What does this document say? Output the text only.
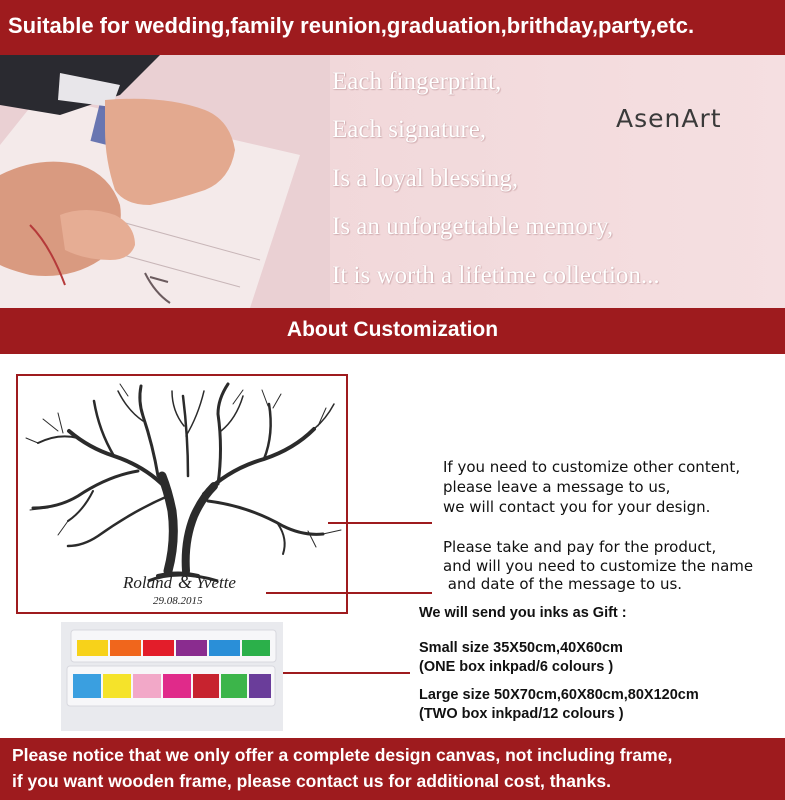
Suitable for wedding,family reunion,graduation,brithday,party,etc.
Each fingerprint,
Each signature,
Is a loyal blessing,
Is an unforgettable memory,
It is worth a lifetime collection...
AsenArt
About Customization
Roland & Yvette
29.08.2015
If you need to customize other content,
please leave a message to us,
we will contact you for your design.
Please take and pay for the product,
and will you need to customize the name
and date of the message to us.
We will send you inks as Gift :
Small size 35X50cm,40X60cm
(ONE box inkpad/6 colours )
Large size 50X70cm,60X80cm,80X120cm
(TWO box inkpad/12 colours )
Please notice that we only offer a complete design canvas, not including frame,
if you want wooden frame, please contact us for additional cost, thanks.
